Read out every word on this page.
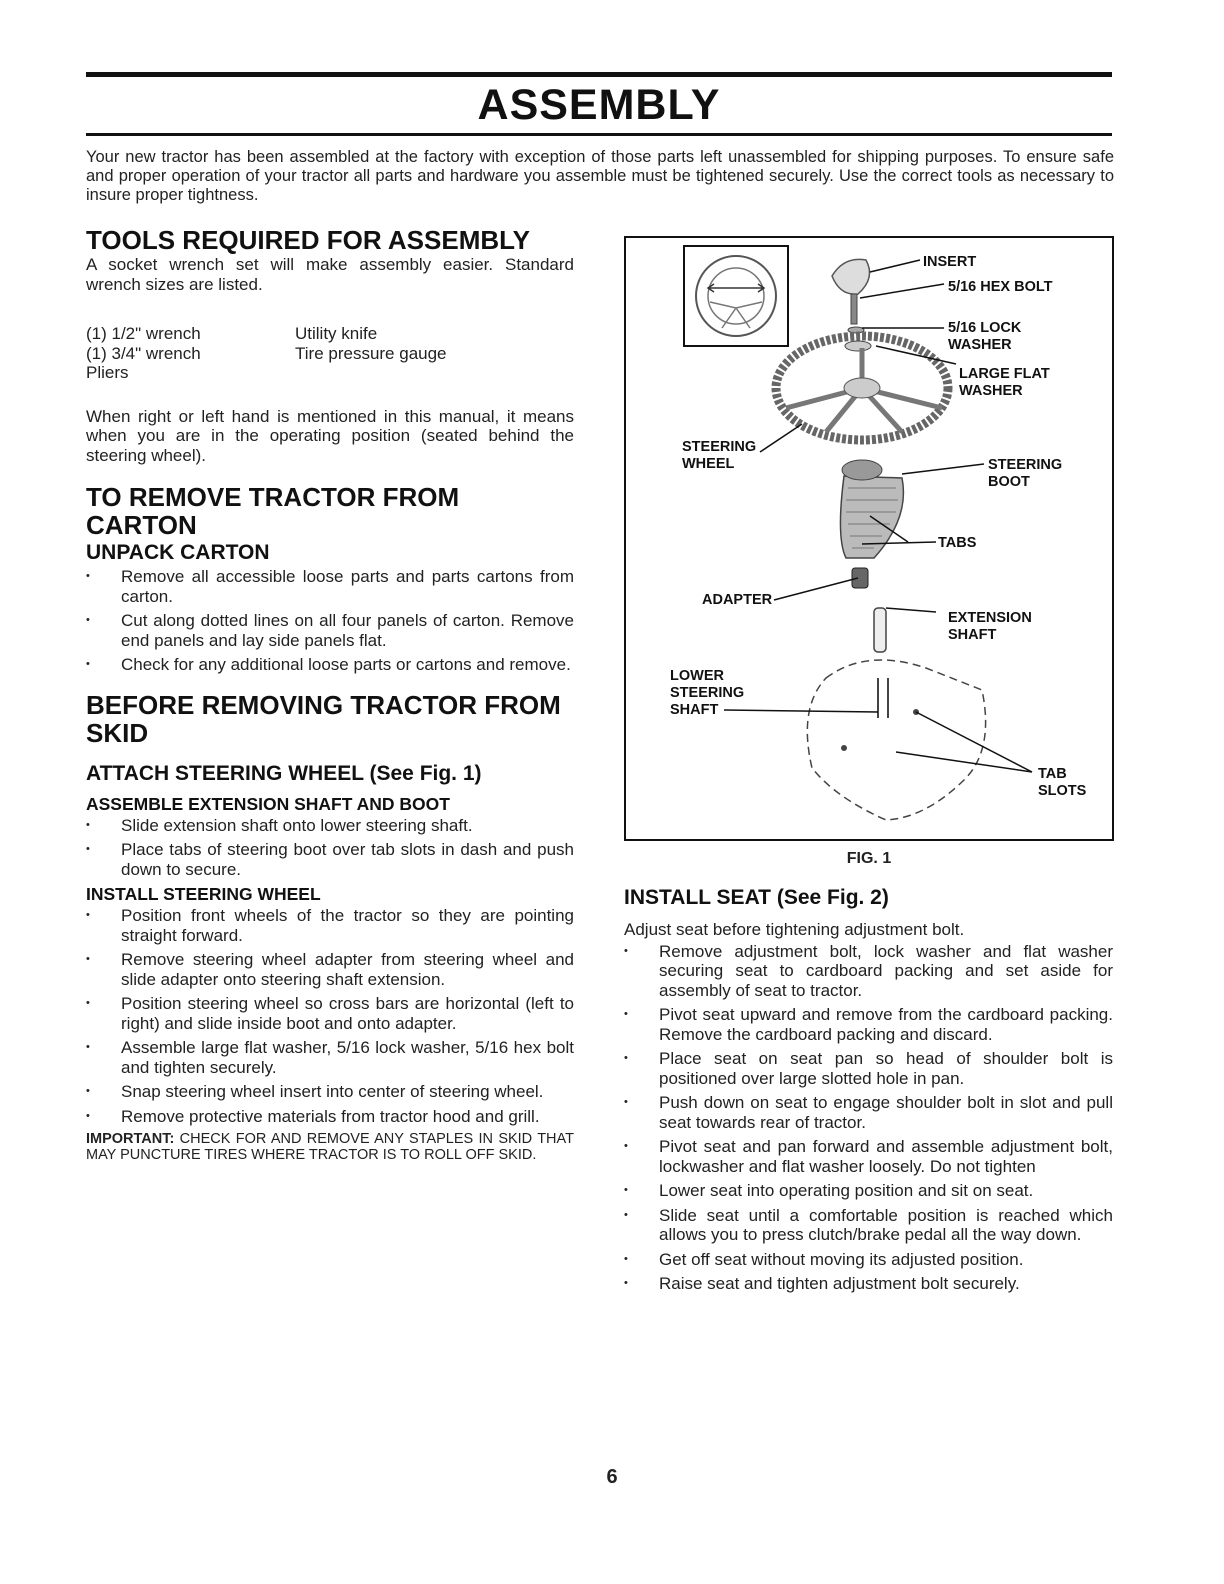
ASSEMBLY

Your new tractor has been assembled at the factory with exception of those parts left unassembled for shipping purposes. To ensure safe and proper operation of your tractor all parts and hardware you assemble must be tightened securely. Use the correct tools as necessary to insure proper tightness.

TOOLS REQUIRED FOR ASSEMBLY

A socket wrench set will make assembly easier. Standard wrench sizes are listed.

(1) 1/2" wrench	Utility knife
(1) 3/4" wrench	Tire pressure gauge
Pliers

When right or left hand is mentioned in this manual, it means when you are in the operating position (seated behind the steering wheel).

TO REMOVE TRACTOR FROM CARTON
UNPACK CARTON
• Remove all accessible loose parts and parts cartons from carton.
• Cut along dotted lines on all four panels of carton. Remove end panels and lay side panels flat.
• Check for any additional loose parts or cartons and remove.
BEFORE REMOVING TRACTOR FROM SKID
ATTACH STEERING WHEEL (See Fig. 1)
ASSEMBLE EXTENSION SHAFT AND BOOT
• Slide extension shaft onto lower steering shaft.
• Place tabs of steering boot over tab slots in dash and push down to secure.
INSTALL STEERING WHEEL
• Position front wheels of the tractor so they are pointing straight forward.
• Remove steering wheel adapter from steering wheel and slide adapter onto steering shaft extension.
• Position steering wheel so cross bars are horizontal (left to right) and slide inside boot and onto adapter.
• Assemble large flat washer, 5/16 lock washer, 5/16 hex bolt and tighten securely.
• Snap steering wheel insert into center of steering wheel.
• Remove protective materials from tractor hood and grill.

IMPORTANT: CHECK FOR AND REMOVE ANY STAPLES IN SKID THAT MAY PUNCTURE TIRES WHERE TRACTOR IS TO ROLL OFF SKID.

INSERT
5/16 HEX BOLT
5/16 LOCK
WASHER
LARGE FLAT
WASHER
STEERING
WHEEL	STEERING
BOOT
TABS
ADAPTER
EXTENSION
SHAFT
LOWER
STEERING
SHAFT
TAB
SLOTS
FIG. 1
INSTALL SEAT (See Fig. 2)

Adjust seat before tightening adjustment bolt.

• Remove adjustment bolt, lock washer and flat washer securing seat to cardboard packing and set aside for assembly of seat to tractor.
• Pivot seat upward and remove from the cardboard packing. Remove the cardboard packing and discard.
• Place seat on seat pan so head of shoulder bolt is positioned over large slotted hole in pan.
• Push down on seat to engage shoulder bolt in slot and pull seat towards rear of tractor.
• Pivot seat and pan forward and assemble adjustment bolt, lockwasher and flat washer loosely. Do not tighten
• Lower seat into operating position and sit on seat.
• Slide seat until a comfortable position is reached which allows you to press clutch/brake pedal all the way down.
• Get off seat without moving its adjusted position.
• Raise seat and tighten adjustment bolt securely.
6
